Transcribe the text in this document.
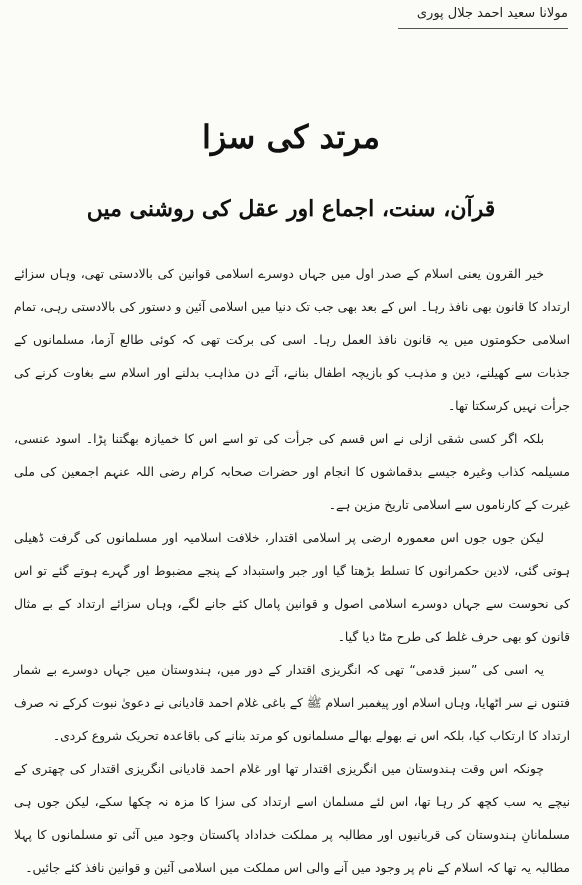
مولانا سعید احمد جلال پوری
مرتد کی سزا
قرآن، سنت، اجماع اور عقل کی روشنی میں

خیر القرون یعنی اسلام کے صدر اول میں جہاں دوسرے اسلامی قوانین کی بالادستی تھی، وہاں سزائے ارتداد کا قانون بھی نافذ رہا۔ اس کے بعد بھی جب تک دنیا میں اسلامی آئین و دستور کی بالادستی رہی، تمام اسلامی حکومتوں میں یہ قانون نافذ العمل رہا۔ اسی کی برکت تھی کہ کوئی طالع آزما، مسلمانوں کے جذبات سے کھیلنے، دین و مذہب کو بازیچہ اطفال بنانے، آئے دن مذاہب بدلنے اور اسلام سے بغاوت کرنے کی جرأت نہیں کرسکتا تھا۔

بلکہ اگر کسی شقی ازلی نے اس قسم کی جرأت کی تو اسے اس کا خمیازہ بھگتنا پڑا۔ اسود عنسی، مسیلمہ کذاب وغیرہ جیسے بدقماشوں کا انجام اور حضرات صحابہ کرام رضی اللہ عنہم اجمعین کی ملی غیرت کے کارناموں سے اسلامی تاریخ مزین ہے۔

لیکن جوں جوں اس معمورہ ارضی پر اسلامی اقتدار، خلافت اسلامیہ اور مسلمانوں کی گرفت ڈھیلی ہوتی گئی، لادین حکمرانوں کا تسلط بڑھتا گیا اور جبر واستبداد کے پنجے مضبوط اور گہرے ہوتے گئے تو اس کی نحوست سے جہاں دوسرے اسلامی اصول و قوانین پامال کئے جانے لگے، وہاں سزائے ارتداد کے بے مثال قانون کو بھی حرف غلط کی طرح مٹا دیا گیا۔

یہ اسی کی ”سبز قدمی“ تھی کہ انگریزی اقتدار کے دور میں، ہندوستان میں جہاں دوسرے بے شمار فتنوں نے سر اٹھایا، وہاں اسلام اور پیغمبر اسلام ﷺ کے باغی غلام احمد قادیانی نے دعویٰ نبوت کرکے نہ صرف ارتداد کا ارتکاب کیا، بلکہ اس نے بھولے بھالے مسلمانوں کو مرتد بنانے کی باقاعدہ تحریک شروع کردی۔

چونکہ اس وقت ہندوستان میں انگریزی اقتدار تھا اور غلام احمد قادیانی انگریزی اقتدار کی چھتری کے نیچے یہ سب کچھ کر رہا تھا، اس لئے مسلمان اسے ارتداد کی سزا کا مزہ نہ چکھا سکے، لیکن جوں ہی مسلمانانِ ہندوستان کی قربانیوں اور مطالبہ پر مملکت خداداد پاکستان وجود میں آئی تو مسلمانوں کا پہلا مطالبہ یہ تھا کہ اسلام کے نام پر وجود میں آنے والی اس مملکت میں اسلامی آئین و قوانین نافذ کئے جائیں۔
